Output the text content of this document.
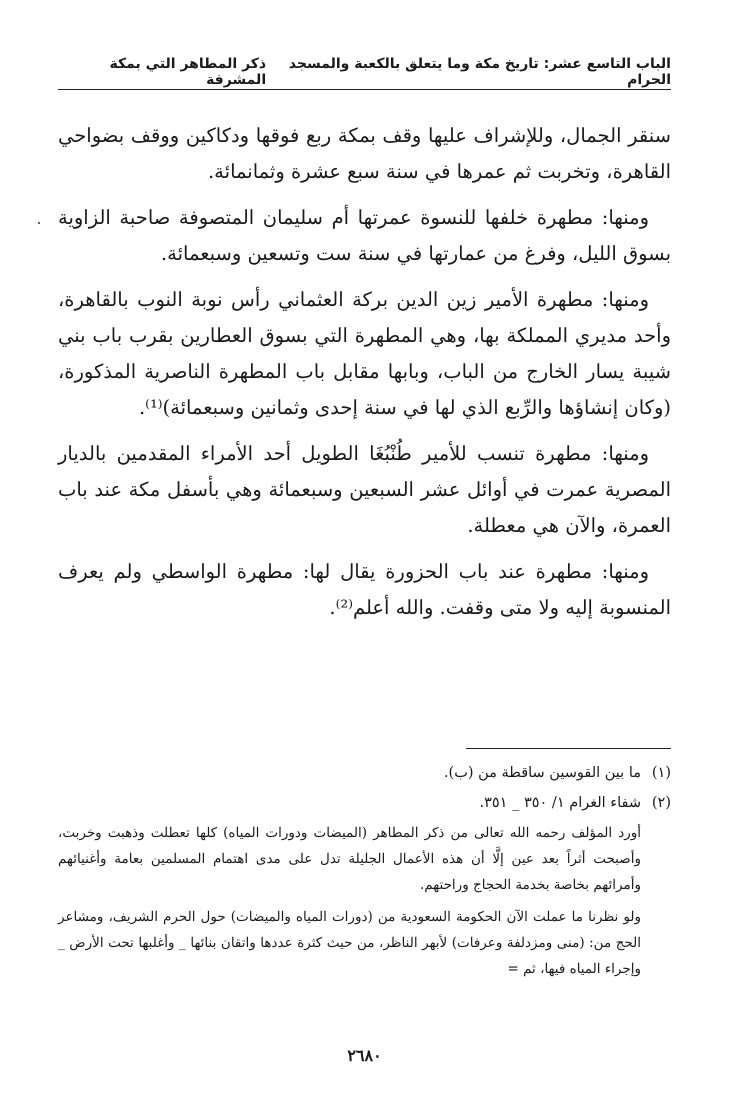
الباب التاسع عشر: تاريخ مكة وما يتعلق بالكعبة والمسجد الحرام
ذكر المطاهر التي بمكة المشرفة

سنقر الجمال، وللإشراف عليها وقف بمكة ربع فوقها ودكاكين ووقف بضواحي القاهرة، وتخربت ثم عمرها في سنة سبع عشرة وثمانمائة.

ومنها: مطهرة خلفها للنسوة عمرتها أم سليمان المتصوفة صاحبة الزاوية بسوق الليل، وفرغ من عمارتها في سنة ست وتسعين وسبعمائة.

ومنها: مطهرة الأمير زين الدين بركة العثماني رأس نوبة النوب بالقاهرة، وأحد مديري المملكة بها، وهي المطهرة التي بسوق العطارين بقرب باب بني شيبة يسار الخارج من الباب، وبابها مقابل باب المطهرة الناصرية المذكورة، (وكان إنشاؤها والرِّبع الذي لها في سنة إحدى وثمانين وسبعمائة)⁽¹⁾.

ومنها: مطهرة تنسب للأمير طُنْبُغَا الطويل أحد الأمراء المقدمين بالديار المصرية عمرت في أوائل عشر السبعين وسبعمائة وهي بأسفل مكة عند باب العمرة، والآن هي معطلة.

ومنها: مطهرة عند باب الحزورة يقال لها: مطهرة الواسطي ولم يعرف المنسوبة إليه ولا متى وقفت. والله أعلم⁽²⁾.

(١)
ما بين القوسين ساقطة من (ب).
(٢)
شفاء الغرام ١/ ٣٥٠ _ ٣٥١.

أورد المؤلف رحمه الله تعالى من ذكر المطاهر (الميضات ودورات المياه) كلها تعطلت وذهبت وخربت، وأصبحت أثراً بعد عين إلَّا أن هذه الأعمال الجليلة تدل على مدى اهتمام المسلمين بعامة وأغنيائهم وأمرائهم بخاصة بخدمة الحجاج وراحتهم.

ولو نظرنا ما عملت الآن الحكومة السعودية من (دورات المياه والميضات) حول الحرم الشريف، ومشاعر الحج من: (منى ومزدلفة وعرفات) لأبهر الناظر، من حيث كثرة عددها واتقان بنائها _ وأغلبها تحت الأرض _ وإجراء المياه فيها، ثم =

٢٦٨٠
